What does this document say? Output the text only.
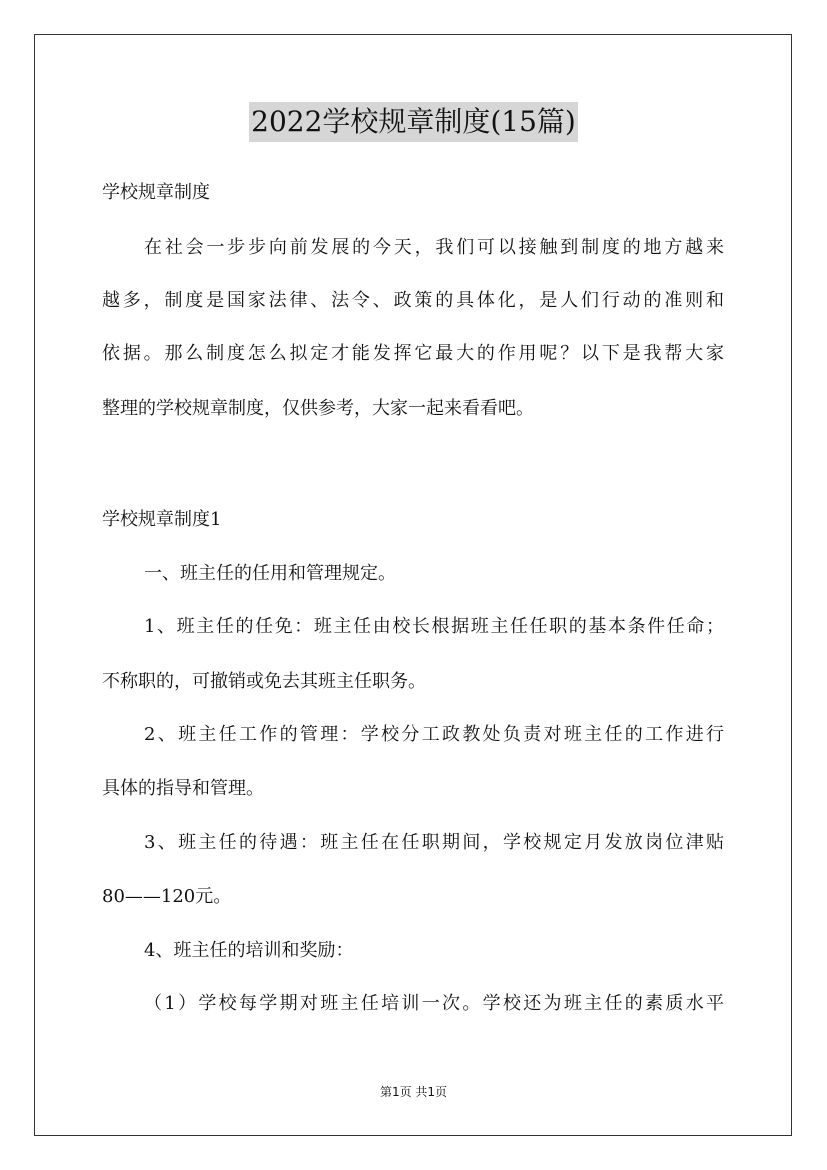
2022学校规章制度(15篇)

学校规章制度

在社会一步步向前发展的今天，我们可以接触到制度的地方越来

越多，制度是国家法律、法令、政策的具体化，是人们行动的准则和

依据。那么制度怎么拟定才能发挥它最大的作用呢？以下是我帮大家

整理的学校规章制度，仅供参考，大家一起来看看吧。

学校规章制度1

一、班主任的任用和管理规定。

1、班主任的任免：班主任由校长根据班主任任职的基本条件任命；

不称职的，可撤销或免去其班主任职务。

2、班主任工作的管理：学校分工政教处负责对班主任的工作进行

具体的指导和管理。

3、班主任的待遇：班主任在任职期间，学校规定月发放岗位津贴

80——120元。

4、班主任的培训和奖励：

（1）学校每学期对班主任培训一次。学校还为班主任的素质水平

第1页 共1页
